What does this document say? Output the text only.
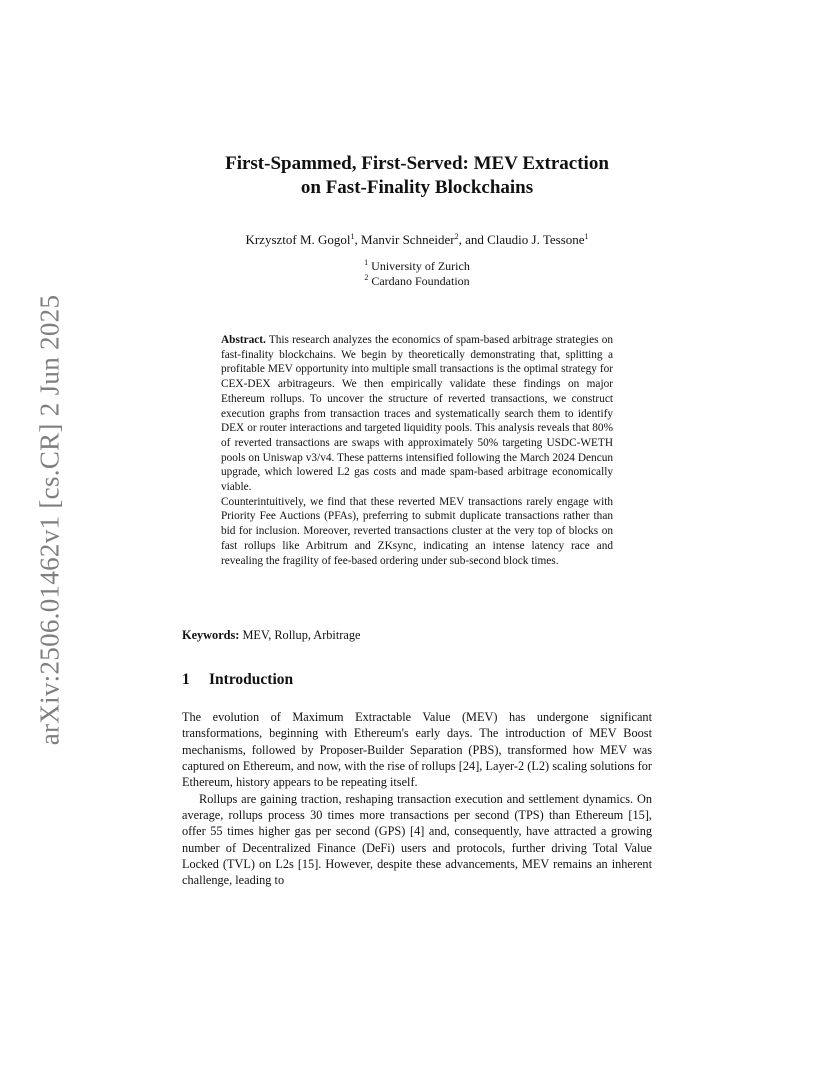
arXiv:2506.01462v1 [cs.CR] 2 Jun 2025
First-Spammed, First-Served: MEV Extraction
on Fast-Finality Blockchains
Krzysztof M. Gogol$^1$, Manvir Schneider$^2$, and Claudio J. Tessone$^1$
$^1$ University of Zurich
$^2$ Cardano Foundation

Abstract. This research analyzes the economics of spam-based arbitrage strategies on fast-finality blockchains. We begin by theoretically demonstrating that, splitting a profitable MEV opportunity into multiple small transactions is the optimal strategy for CEX-DEX arbitrageurs. We then empirically validate these findings on major Ethereum rollups. To uncover the structure of reverted transactions, we construct execution graphs from transaction traces and systematically search them to identify DEX or router interactions and targeted liquidity pools. This analysis reveals that 80% of reverted transactions are swaps with approximately 50% targeting USDC-WETH pools on Uniswap v3/v4. These patterns intensified following the March 2024 Dencun upgrade, which lowered L2 gas costs and made spam-based arbitrage economically viable.

Counterintuitively, we find that these reverted MEV transactions rarely engage with Priority Fee Auctions (PFAs), preferring to submit duplicate transactions rather than bid for inclusion. Moreover, reverted transactions cluster at the very top of blocks on fast rollups like Arbitrum and ZKsync, indicating an intense latency race and revealing the fragility of fee-based ordering under sub-second block times.

Keywords: MEV, Rollup, Arbitrage
1 Introduction

The evolution of Maximum Extractable Value (MEV) has undergone significant transformations, beginning with Ethereum's early days. The introduction of MEV Boost mechanisms, followed by Proposer-Builder Separation (PBS), transformed how MEV was captured on Ethereum, and now, with the rise of rollups [24], Layer-2 (L2) scaling solutions for Ethereum, history appears to be repeating itself.

Rollups are gaining traction, reshaping transaction execution and settlement dynamics. On average, rollups process 30 times more transactions per second (TPS) than Ethereum [15], offer 55 times higher gas per second (GPS) [4] and, consequently, have attracted a growing number of Decentralized Finance (DeFi) users and protocols, further driving Total Value Locked (TVL) on L2s [15]. However, despite these advancements, MEV remains an inherent challenge, leading to
